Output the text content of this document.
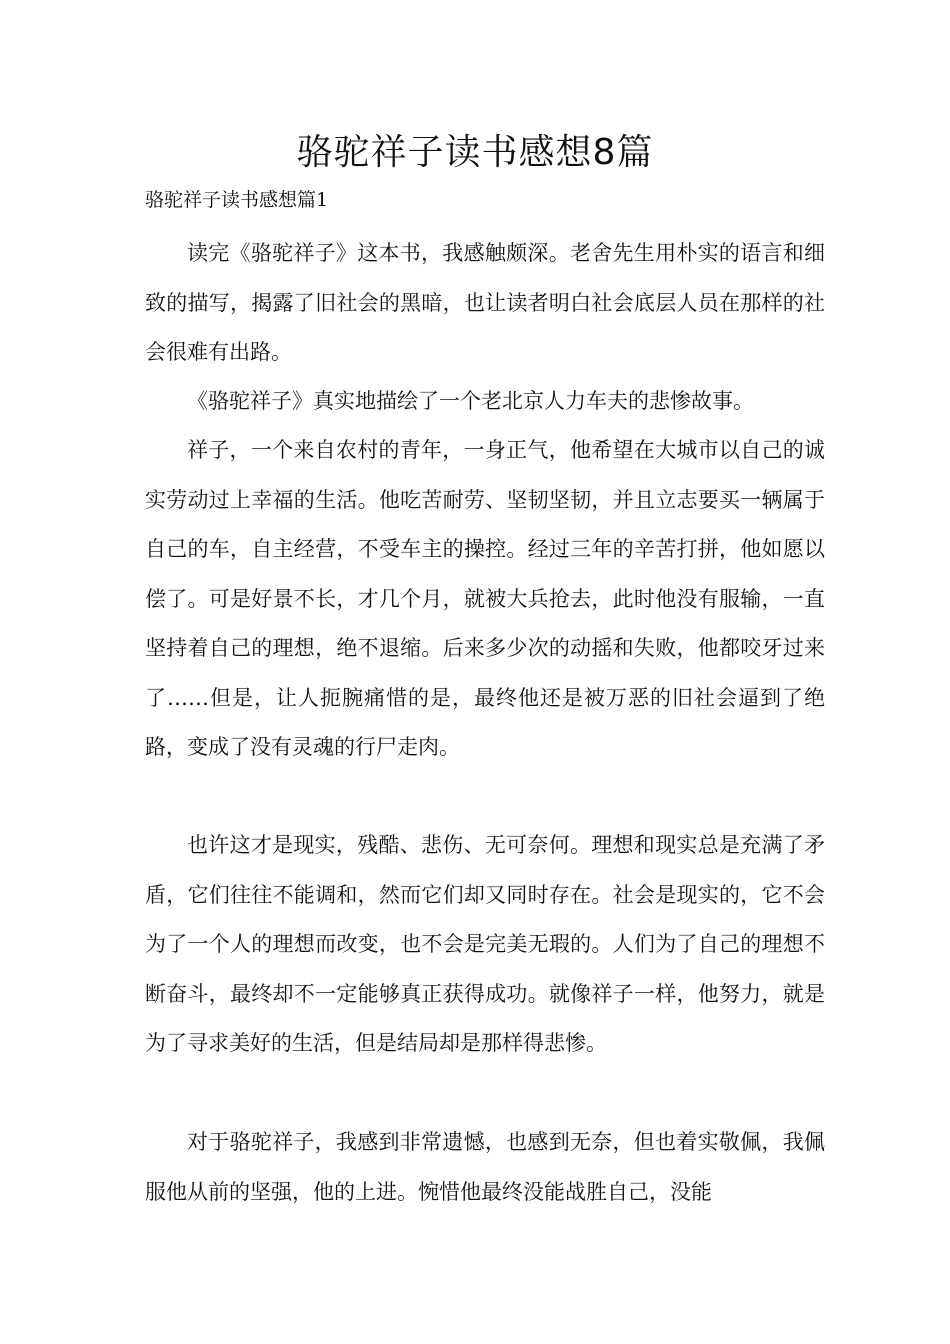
骆驼祥子读书感想8篇

骆驼祥子读书感想篇1

读完《骆驼祥子》这本书，我感触颇深。老舍先生用朴实的语言和细致的描写，揭露了旧社会的黑暗，也让读者明白社会底层人员在那样的社会很难有出路。

《骆驼祥子》真实地描绘了一个老北京人力车夫的悲惨故事。

祥子，一个来自农村的青年，一身正气，他希望在大城市以自己的诚实劳动过上幸福的生活。他吃苦耐劳、坚韧坚韧，并且立志要买一辆属于自己的车，自主经营，不受车主的操控。经过三年的辛苦打拼，他如愿以偿了。可是好景不长，才几个月，就被大兵抢去，此时他没有服输，一直坚持着自己的理想，绝不退缩。后来多少次的动摇和失败，他都咬牙过来了……但是，让人扼腕痛惜的是，最终他还是被万恶的旧社会逼到了绝路，变成了没有灵魂的行尸走肉。

也许这才是现实，残酷、悲伤、无可奈何。理想和现实总是充满了矛盾，它们往往不能调和，然而它们却又同时存在。社会是现实的，它不会为了一个人的理想而改变，也不会是完美无瑕的。人们为了自己的理想不断奋斗，最终却不一定能够真正获得成功。就像祥子一样，他努力，就是为了寻求美好的生活，但是结局却是那样得悲惨。

对于骆驼祥子，我感到非常遗憾，也感到无奈，但也着实敬佩，我佩服他从前的坚强，他的上进。惋惜他最终没能战胜自己，没能
